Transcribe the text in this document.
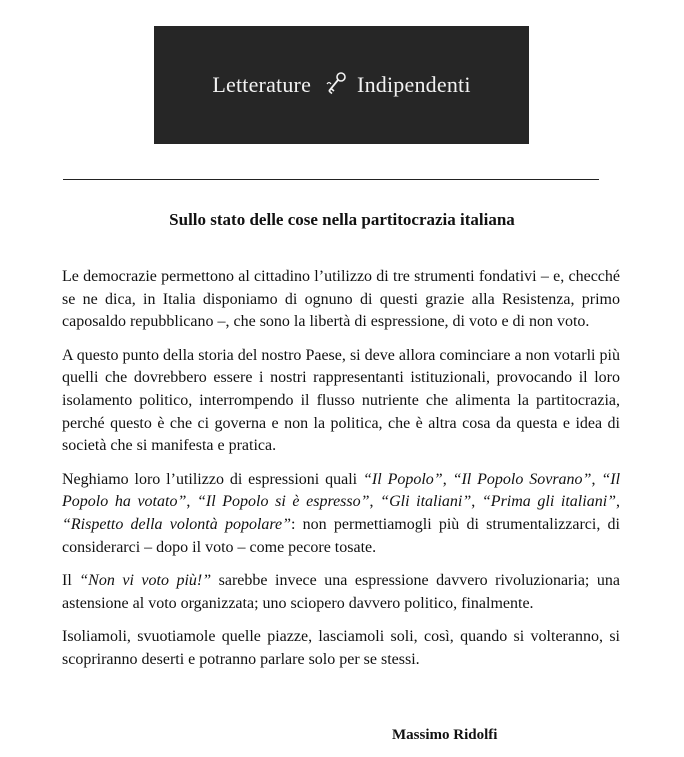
Letterature Indipendenti
Sullo stato delle cose nella partitocrazia italiana

Le democrazie permettono al cittadino l’utilizzo di tre strumenti fondativi – e, checché se ne dica, in Italia disponiamo di ognuno di questi grazie alla Resistenza, primo caposaldo repubblicano –, che sono la libertà di espressione, di voto e di non voto.

A questo punto della storia del nostro Paese, si deve allora cominciare a non votarli più quelli che dovrebbero essere i nostri rappresentanti istituzionali, provocando il loro isolamento politico, interrompendo il flusso nutriente che alimenta la partitocrazia, perché questo è che ci governa e non la politica, che è altra cosa da questa e idea di società che si manifesta e pratica.

Neghiamo loro l’utilizzo di espressioni quali “Il Popolo”, “Il Popolo Sovrano”, “Il Popolo ha votato”, “Il Popolo si è espresso”, “Gli italiani”, “Prima gli italiani”, “Rispetto della volontà popolare”: non permettiamogli più di strumentalizzarci, di considerarci – dopo il voto – come pecore tosate.

Il “Non vi voto più!” sarebbe invece una espressione davvero rivoluzionaria; una astensione al voto organizzata; uno sciopero davvero politico, finalmente.

Isoliamoli, svuotiamole quelle piazze, lasciamoli soli, così, quando si volteranno, si scopriranno deserti e potranno parlare solo per se stessi.

Massimo Ridolfi
